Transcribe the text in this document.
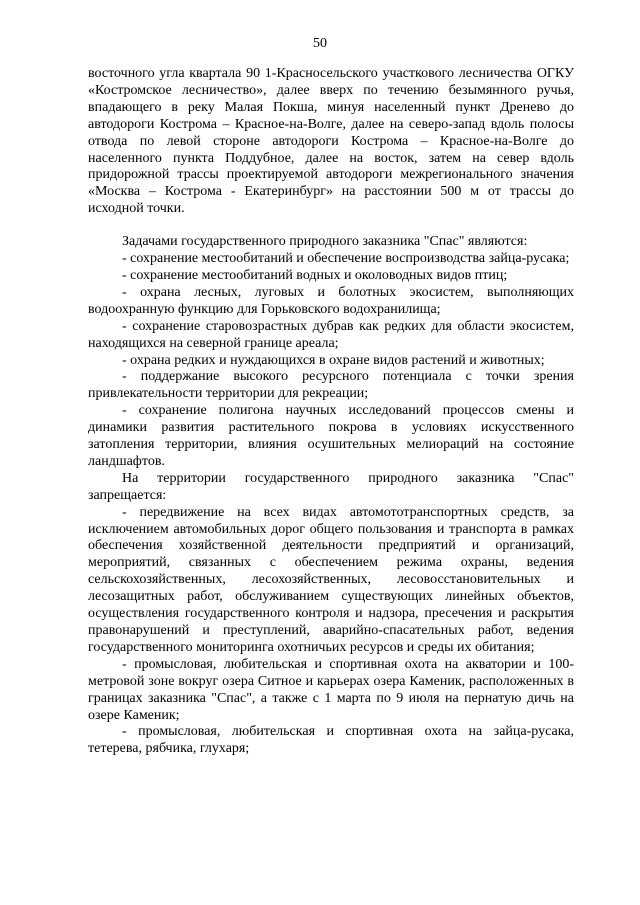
50

восточного угла квартала 90 1-Красносельского участкового лесничества ОГКУ «Костромское лесничество», далее вверх по течению безымянного ручья, впадающего в реку Малая Покша, минуя населенный пункт Дренево до автодороги Кострома – Красное-на-Волге, далее на северо-запад вдоль полосы отвода по левой стороне автодороги Кострома – Красное-на-Волге до населенного пункта Поддубное, далее на восток, затем на север вдоль придорожной трассы проектируемой автодороги межрегионального значения «Москва – Кострома - Екатеринбург» на расстоянии 500 м от трассы до исходной точки.

Задачами государственного природного заказника "Спас" являются:

- сохранение местообитаний и обеспечение воспроизводства зайца-русака;

- сохранение местообитаний водных и околоводных видов птиц;

- охрана лесных, луговых и болотных экосистем, выполняющих водоохранную функцию для Горьковского водохранилища;

- сохранение старовозрастных дубрав как редких для области экосистем, находящихся на северной границе ареала;

- охрана редких и нуждающихся в охране видов растений и животных;

- поддержание высокого ресурсного потенциала с точки зрения привлекательности территории для рекреации;

- сохранение полигона научных исследований процессов смены и динамики развития растительного покрова в условиях искусственного затопления территории, влияния осушительных мелиораций на состояние ландшафтов.

На территории государственного природного заказника "Спас" запрещается:

- передвижение на всех видах автомототранспортных средств, за исключением автомобильных дорог общего пользования и транспорта в рамках обеспечения хозяйственной деятельности предприятий и организаций, мероприятий, связанных с обеспечением режима охраны, ведения сельскохозяйственных, лесохозяйственных, лесовосстановительных и лесозащитных работ, обслуживанием существующих линейных объектов, осуществления государственного контроля и надзора, пресечения и раскрытия правонарушений и преступлений, аварийно-спасательных работ, ведения государственного мониторинга охотничьих ресурсов и среды их обитания;

- промысловая, любительская и спортивная охота на акватории и 100-метровой зоне вокруг озера Ситное и карьерах озера Каменик, расположенных в границах заказника "Спас", а также с 1 марта по 9 июля на пернатую дичь на озере Каменик;

- промысловая, любительская и спортивная охота на зайца-русака, тетерева, рябчика, глухаря;
